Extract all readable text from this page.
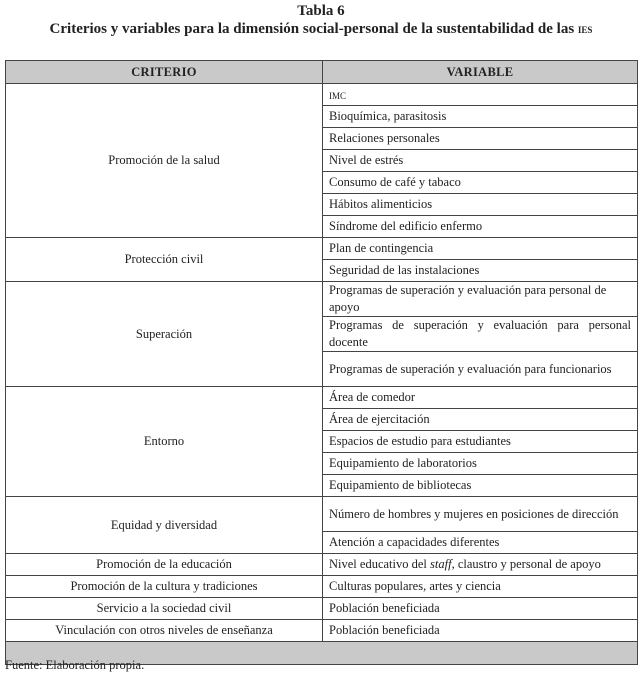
Tabla 6
Criterios y variables para la dimensión social-personal de la sustentabilidad de las ies
CRITERIO	VARIABLE
Promoción de la salud	imc
	Bioquímica, parasitosis
	Relaciones personales
	Nivel de estrés
	Consumo de café y tabaco
	Hábitos alimenticios
	Síndrome del edificio enfermo
Protección civil	Plan de contingencia
	Seguridad de las instalaciones
Superación	Programas de superación y evaluación para personal de apoyo
	Programas de superación y evaluación para personal docente
	Programas de superación y evaluación para funcionarios
Entorno	Área de comedor
	Área de ejercitación
	Espacios de estudio para estudiantes
	Equipamiento de laboratorios
	Equipamiento de bibliotecas
Equidad y diversidad	Número de hombres y mujeres en posiciones de dirección
	Atención a capacidades diferentes
Promoción de la educación	Nivel educativo del staff, claustro y personal de apoyo
Promoción de la cultura y tradiciones	Culturas populares, artes y ciencia
Servicio a la sociedad civil	Población beneficiada
Vinculación con otros niveles de enseñanza	Población beneficiada

Fuente: Elaboración propia.
